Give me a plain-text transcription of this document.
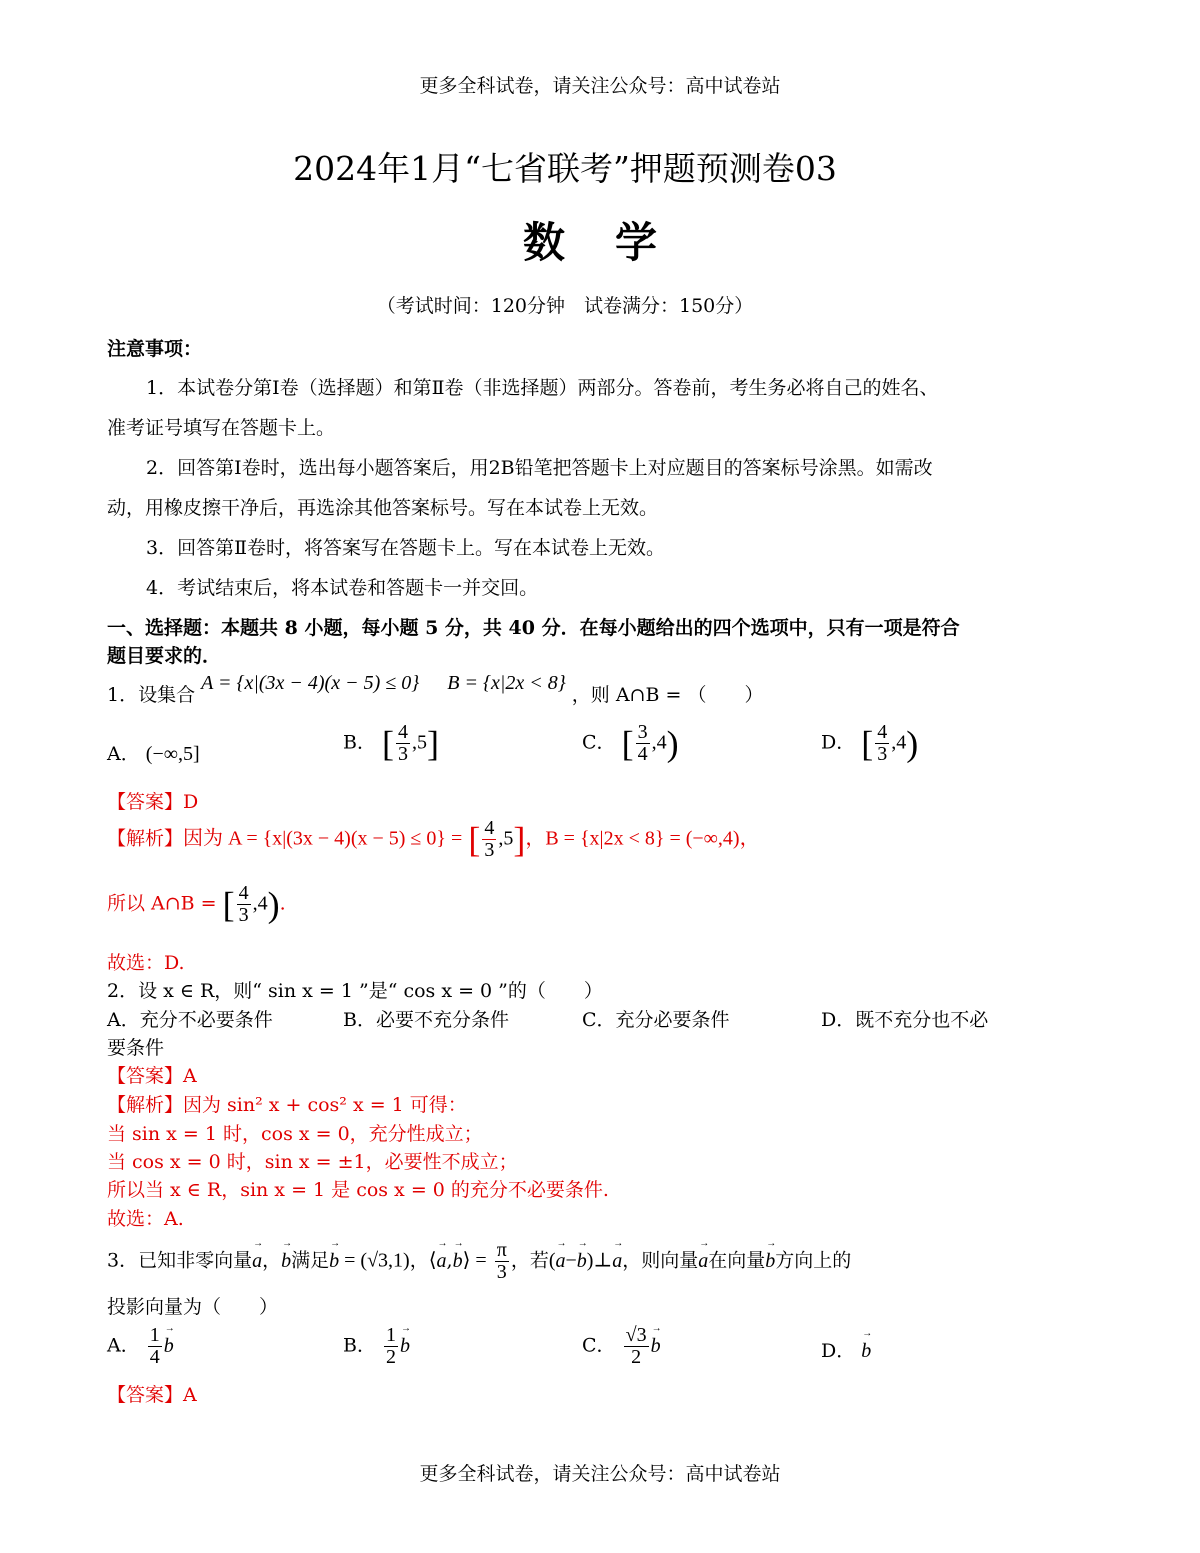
更多全科试卷，请关注公众号：高中试卷站
2024年1月“七省联考”押题预测卷03
数学
（考试时间：120分钟　试卷满分：150分）
注意事项：
1．本试卷分第Ⅰ卷（选择题）和第Ⅱ卷（非选择题）两部分。答卷前，考生务必将自己的姓名、
准考证号填写在答题卡上。
2．回答第Ⅰ卷时，选出每小题答案后，用2B铅笔把答题卡上对应题目的答案标号涂黑。如需改
动，用橡皮擦干净后，再选涂其他答案标号。写在本试卷上无效。
3．回答第Ⅱ卷时，将答案写在答题卡上。写在本试卷上无效。
4．考试结束后，将本试卷和答题卡一并交回。
一、选择题：本题共 8 小题，每小题 5 分，共 40 分．在每小题给出的四个选项中，只有一项是符合
题目要求的．
1．设集合 A = {x|(3x − 4)(x − 5) ≤ 0} B = {x|2x < 8} ，则 A∩B = （　　）
A． (−∞,5]
B． [ $\frac{4}{3} ,5$]	C． [ $\frac{3}{4} ,4$)	D． [ $\frac{4}{3} ,4$)
【答案】D
【解析】因为 A = {x|(3x − 4)(x − 5) ≤ 0} = [ $\frac{4}{3} ,5$]，B = {x|2x < 8} = (−∞,4)，
所以 A∩B = [ $\frac{4}{3} ,4$).
故选：D.
2．设 x ∈ R，则“ sin x = 1 ”是“ cos x = 0 ”的（　　）
A．充分不必要条件	B．必要不充分条件	C．充分必要条件	D．既不充分也不必
要条件
【答案】A
【解析】因为 sin² x + cos² x = 1 可得：
当 sin x = 1 时，cos x = 0，充分性成立；
当 cos x = 0 时，sin x = ±1，必要性不成立；
所以当 x ∈ R，sin x = 1 是 cos x = 0 的充分不必要条件.
故选：A.
3．已知非零向量→ a，→ b满足→ b = (√3,1)，⟨→ a,→ b⟩ = $\frac{\pi}{3}$ ，若(→ a−→ b)⊥→ a，则向量→ a在向量→ b方向上的
投影向量为（　　）
A． $\frac{1}{4}$
→ b	B． $\frac{1}{2}$
→ b	C． $\frac{√3}{2}$
→ b	D． → b
【答案】A
更多全科试卷，请关注公众号：高中试卷站
